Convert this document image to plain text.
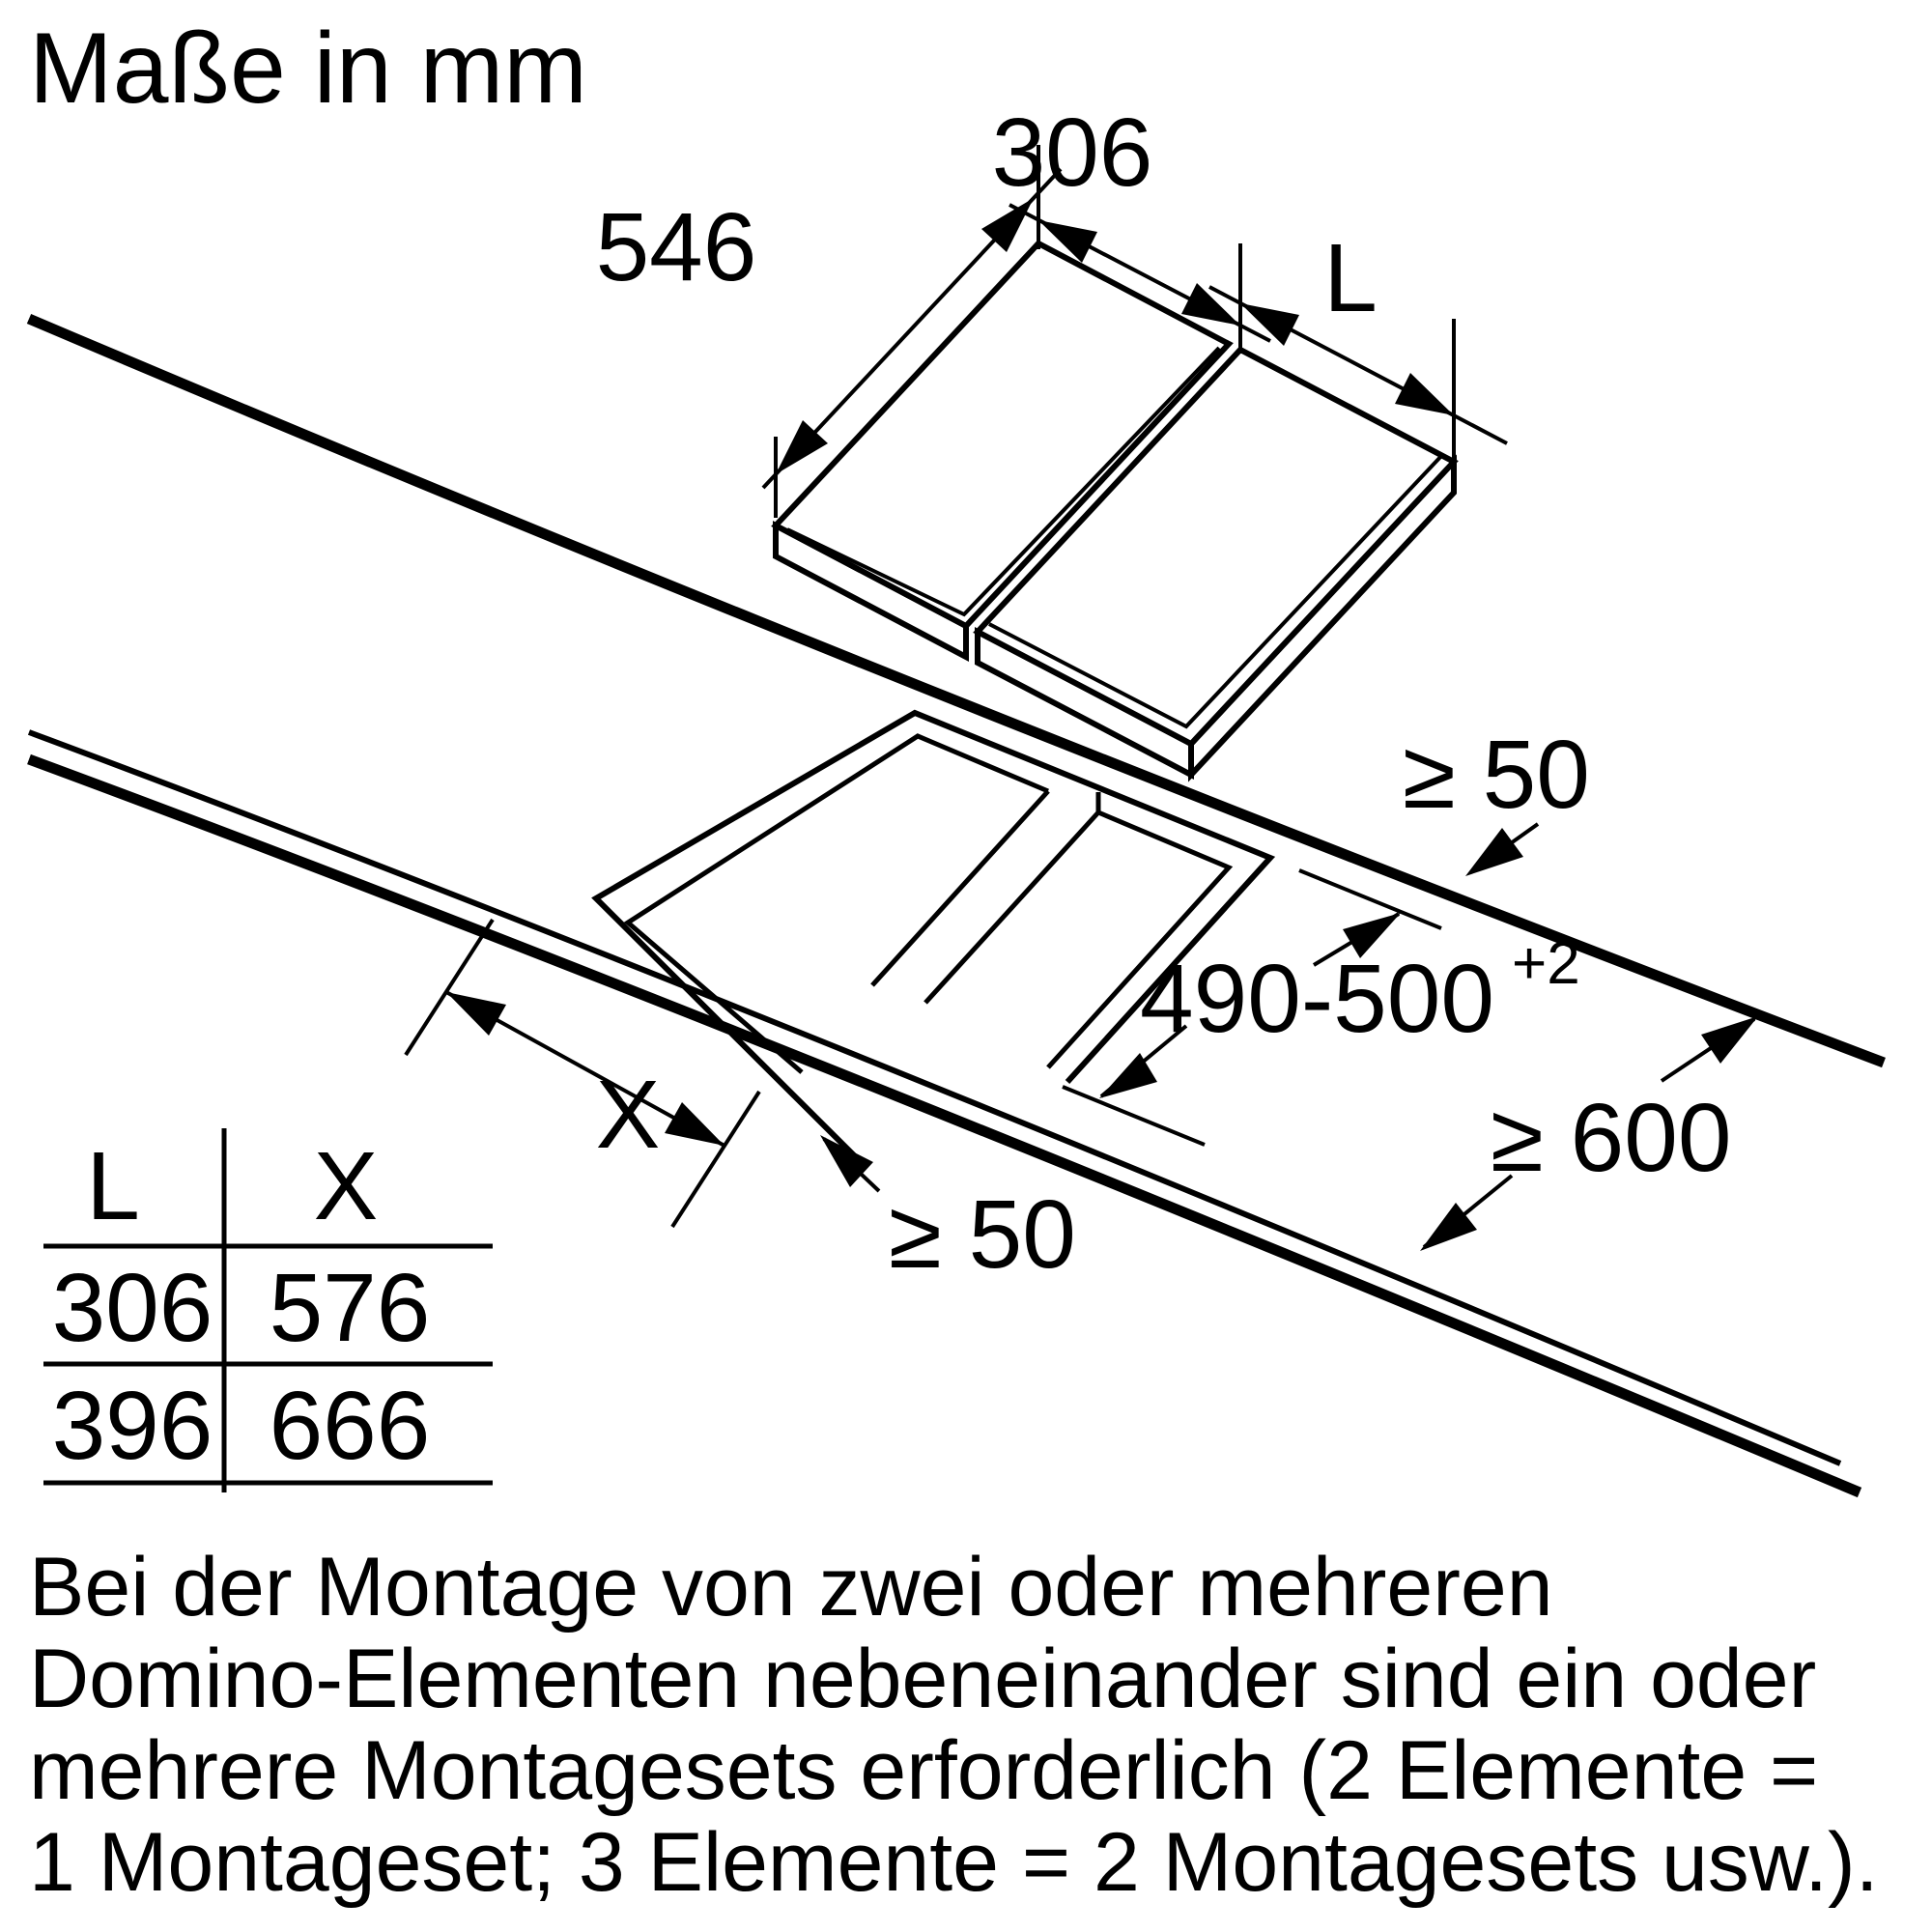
Maße in mm
546
306
L
≥ 50
490-500 +2
≥ 600
≥ 50
X
L X
306 576
396 666
Bei der Montage von zwei oder mehreren
Domino-Elementen nebeneinander sind ein oder
mehrere Montagesets erforderlich (2 Elemente =
1 Montageset; 3 Elemente = 2 Montagesets usw.).
